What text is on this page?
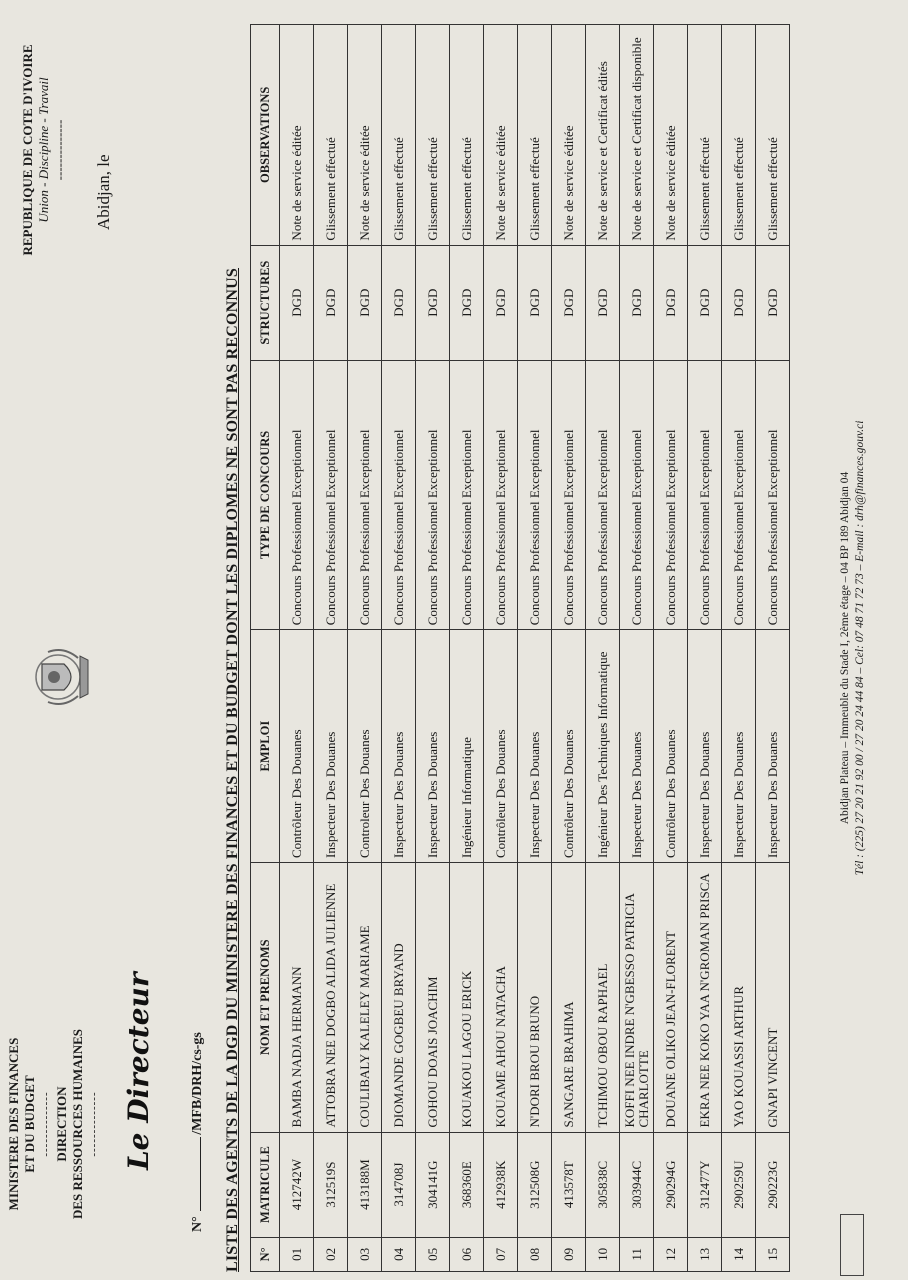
MINISTERE DES FINANCES ET DU BUDGET -------------- DIRECTION DES RESSOURCES HUMAINES -------------- Le Directeur
N° /MFB/DRH/cs-gs
REPUBLIQUE DE COTE D'IVOIRE Union - Discipline - Travail --------------
Abidjan, le
LISTE DES AGENTS DE LA DGD DU MINISTERE DES FINANCES ET DU BUDGET DONT LES DIPLOMES NE SONT PAS RECONNUS N°	MATRICULE	NOM ET PRENOMS	EMPLOI	TYPE DE CONCOURS	STRUCTURES	OBSERVATIONS
01	412742W	BAMBA NADJA HERMANN	Contrôleur Des Douanes	Concours Professionnel Exceptionnel	DGD	Note de service éditée
02	312519S	ATTOBRA NEE DOGBO ALIDA JULIENNE	Inspecteur Des Douanes	Concours Professionnel Exceptionnel	DGD	Glissement effectué
03	413188M	COULIBALY KALELEY MARIAME	Controleur Des Douanes	Concours Professionnel Exceptionnel	DGD	Note de service éditée
04	314708J	DIOMANDE GOGBEU BRYAND	Inspecteur Des Douanes	Concours Professionnel Exceptionnel	DGD	Glissement effectué
05	304141G	GOHOU DOAIS JOACHIM	Inspecteur Des Douanes	Concours Professionnel Exceptionnel	DGD	Glissement effectué
06	368360E	KOUAKOU LAGOU ERICK	Ingénieur Informatique	Concours Professionnel Exceptionnel	DGD	Glissement effectué
07	412938K	KOUAME AHOU NATACHA	Contrôleur Des Douanes	Concours Professionnel Exceptionnel	DGD	Note de service éditée
08	312508G	N'DORI BROU BRUNO	Inspecteur Des Douanes	Concours Professionnel Exceptionnel	DGD	Glissement effectué
09	413578T	SANGARE BRAHIMA	Contrôleur Des Douanes	Concours Professionnel Exceptionnel	DGD	Note de service éditée
10	305838C	TCHIMOU OBOU RAPHAEL	Ingénieur Des Techniques Informatique	Concours Professionnel Exceptionnel	DGD	Note de service et Certificat édités
11	303944C	KOFFI NEE INDRE N'GBESSO PATRICIA CHARLOTTE	Inspecteur Des Douanes	Concours Professionnel Exceptionnel	DGD	Note de service et Certificat disponible
12	290294G	DOUANE OLIKO JEAN-FLORENT	Contrôleur Des Douanes	Concours Professionnel Exceptionnel	DGD	Note de service éditée
13	312477Y	EKRA NEE KOKO YAA N'GROMAN PRISCA	Inspecteur Des Douanes	Concours Professionnel Exceptionnel	DGD	Glissement effectué
14	290259U	YAO KOUASSI ARTHUR	Inspecteur Des Douanes	Concours Professionnel Exceptionnel	DGD	Glissement effectué
15	290223G	GNAPI VINCENT	Inspecteur Des Douanes	Concours Professionnel Exceptionnel	DGD	Glissement effectué
Abidjan Plateau – Immeuble du Stade I, 2ème étage – 04 BP 189 Abidjan 04 Tél : (225) 27 20 21 92 00 / 27 20 24 44 84 – Cel: 07 48 71 72 73 – E-mail : drh@finances.gouv.ci
